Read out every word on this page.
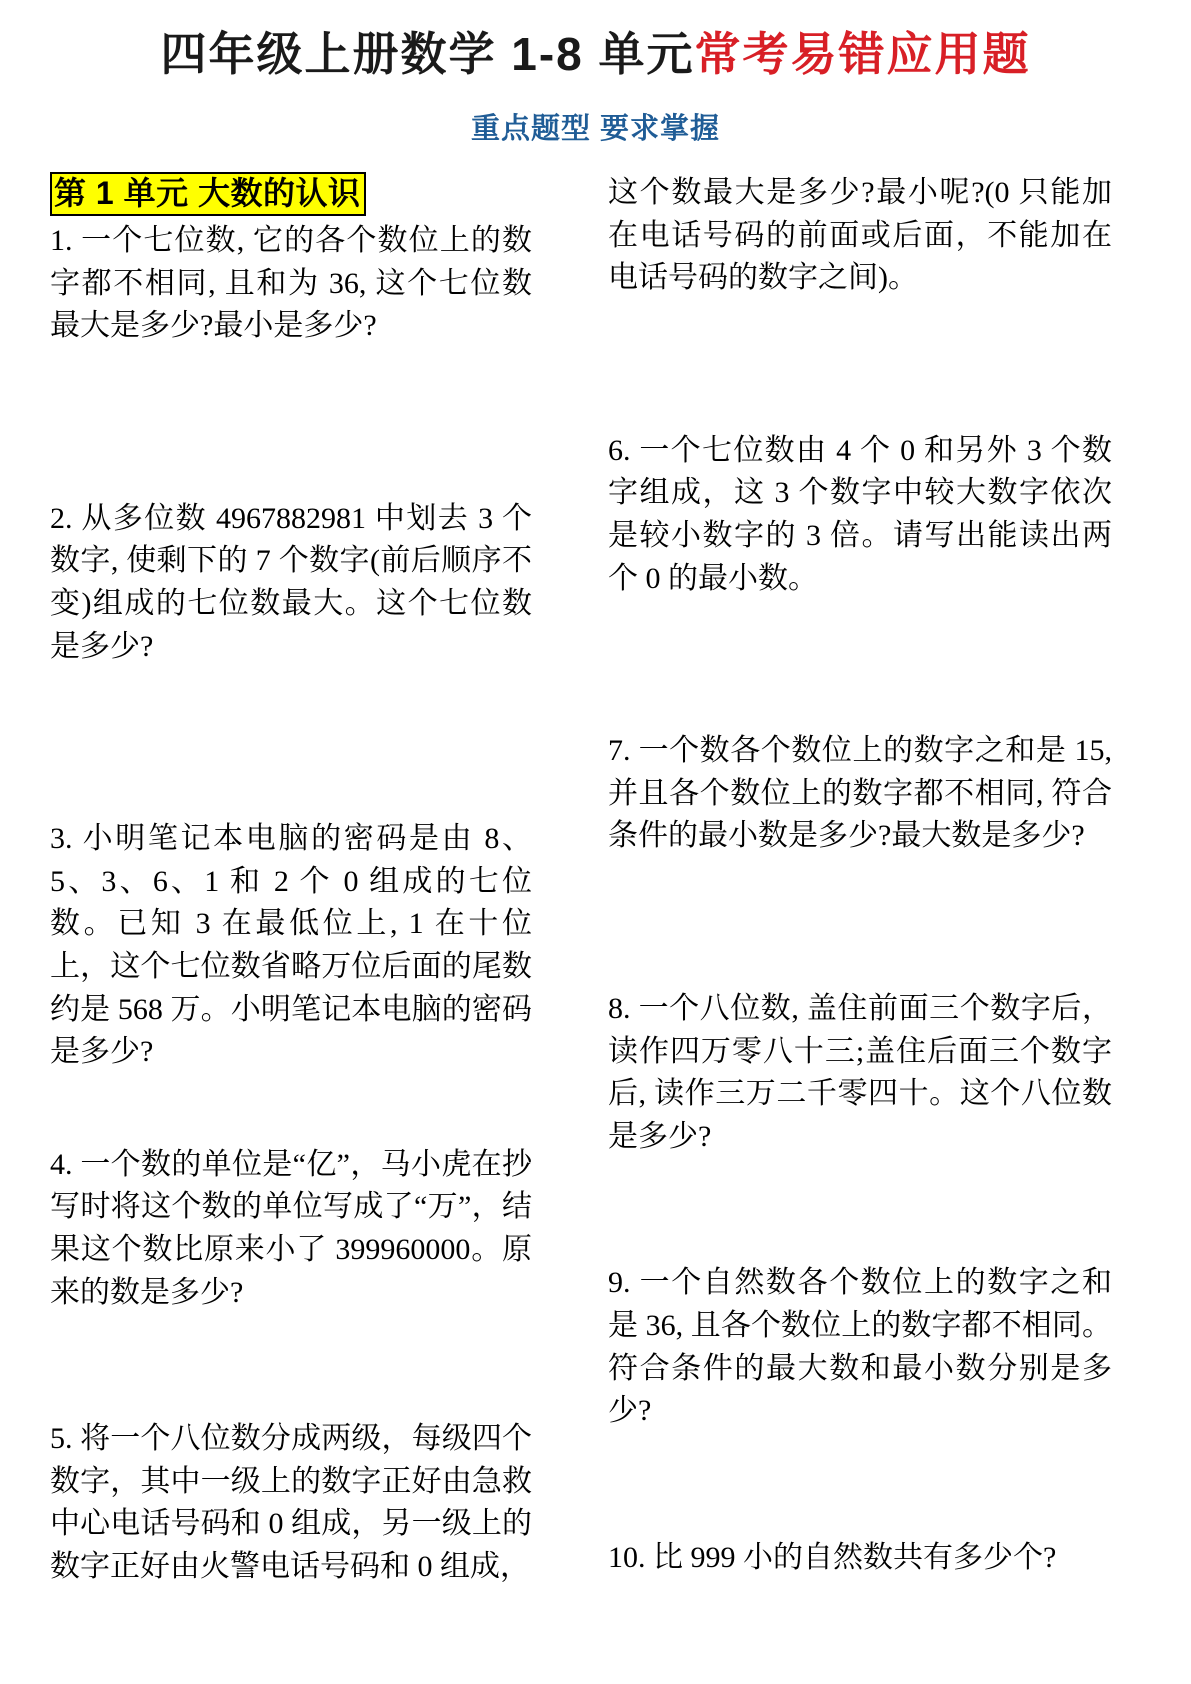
四年级上册数学 1-8 单元常考易错应用题
重点题型 要求掌握
第 1 单元 大数的认识

1. 一个七位数, 它的各个数位上的数字都不相同, 且和为 36, 这个七位数最大是多少?最小是多少?

2. 从多位数 4967882981 中划去 3 个数字, 使剩下的 7 个数字(前后顺序不变)组成的七位数最大。这个七位数是多少?

3. 小明笔记本电脑的密码是由 8、5、3、6、1 和 2 个 0 组成的七位数。已知 3 在最低位上, 1 在十位上，这个七位数省略万位后面的尾数约是 568 万。小明笔记本电脑的密码是多少?

4. 一个数的单位是“亿”，马小虎在抄写时将这个数的单位写成了“万”，结果这个数比原来小了 399960000。原来的数是多少?

5. 将一个八位数分成两级，每级四个数字，其中一级上的数字正好由急救中心电话号码和 0 组成，另一级上的数字正好由火警电话号码和 0 组成，

这个数最大是多少?最小呢?(0 只能加在电话号码的前面或后面，不能加在电话号码的数字之间)。

6. 一个七位数由 4 个 0 和另外 3 个数字组成，这 3 个数字中较大数字依次是较小数字的 3 倍。请写出能读出两个 0 的最小数。

7. 一个数各个数位上的数字之和是 15, 并且各个数位上的数字都不相同, 符合条件的最小数是多少?最大数是多少?

8. 一个八位数, 盖住前面三个数字后，读作四万零八十三;盖住后面三个数字后, 读作三万二千零四十。这个八位数是多少?

9. 一个自然数各个数位上的数字之和是 36, 且各个数位上的数字都不相同。符合条件的最大数和最小数分别是多少?

10. 比 999 小的自然数共有多少个?
